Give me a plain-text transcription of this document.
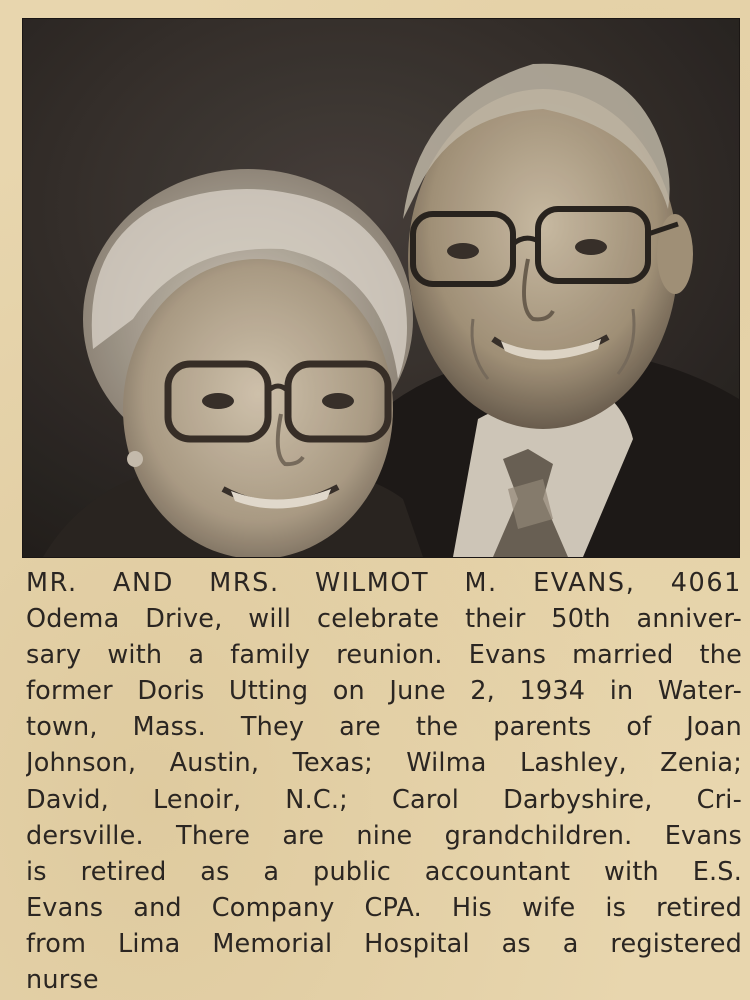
MR. AND MRS. WILMOT M. EVANS, 4061
Odema Drive, will celebrate their 50th anniver-
sary with a family reunion. Evans married the
former Doris Utting on June 2, 1934 in Water-
town, Mass. They are the parents of Joan
Johnson, Austin, Texas; Wilma Lashley, Zenia;
David, Lenoir, N.C.; Carol Darbyshire, Cri-
dersville. There are nine grandchildren. Evans
is retired as a public accountant with E.S.
Evans and Company CPA. His wife is retired
from Lima Memorial Hospital as a registered
nurse
